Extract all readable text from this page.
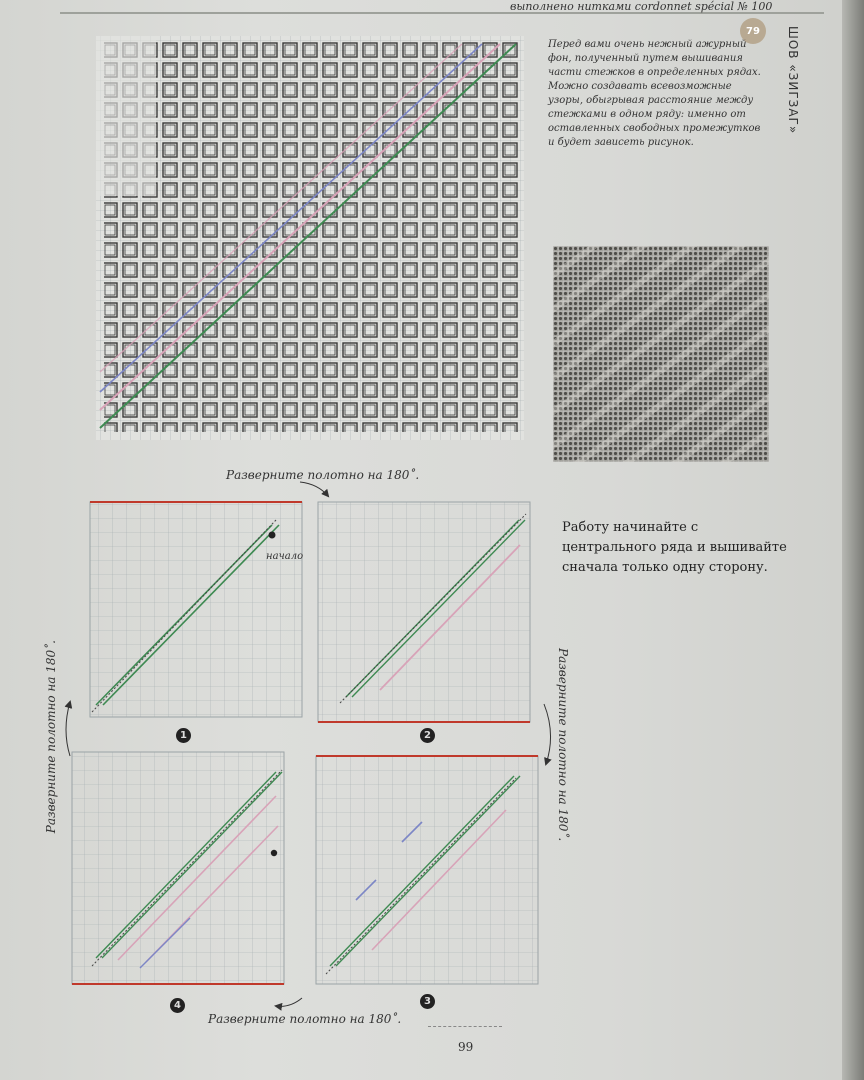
выполнено нитками cordonnet spécial № 100
79	ШОВ «ЗИГЗАГ»
Перед вами очень нежный ажурный фон, полученный путем вышивания части стежков в определенных рядах. Можно создавать всевозможные узоры, обыгрывая расстояние между стежками в одном ряду: именно от оставленных свободных промежутков и будет зависеть рисунок.
Разверните полотно на 180˚.
Разверните полотно на 180˚.	Разверните полотно на 180˚.
Разверните полотно на 180˚.
начало
Работу начинайте с центрального ряда и вышивайте сначала только одну сторону.
1	2
3
4
99
